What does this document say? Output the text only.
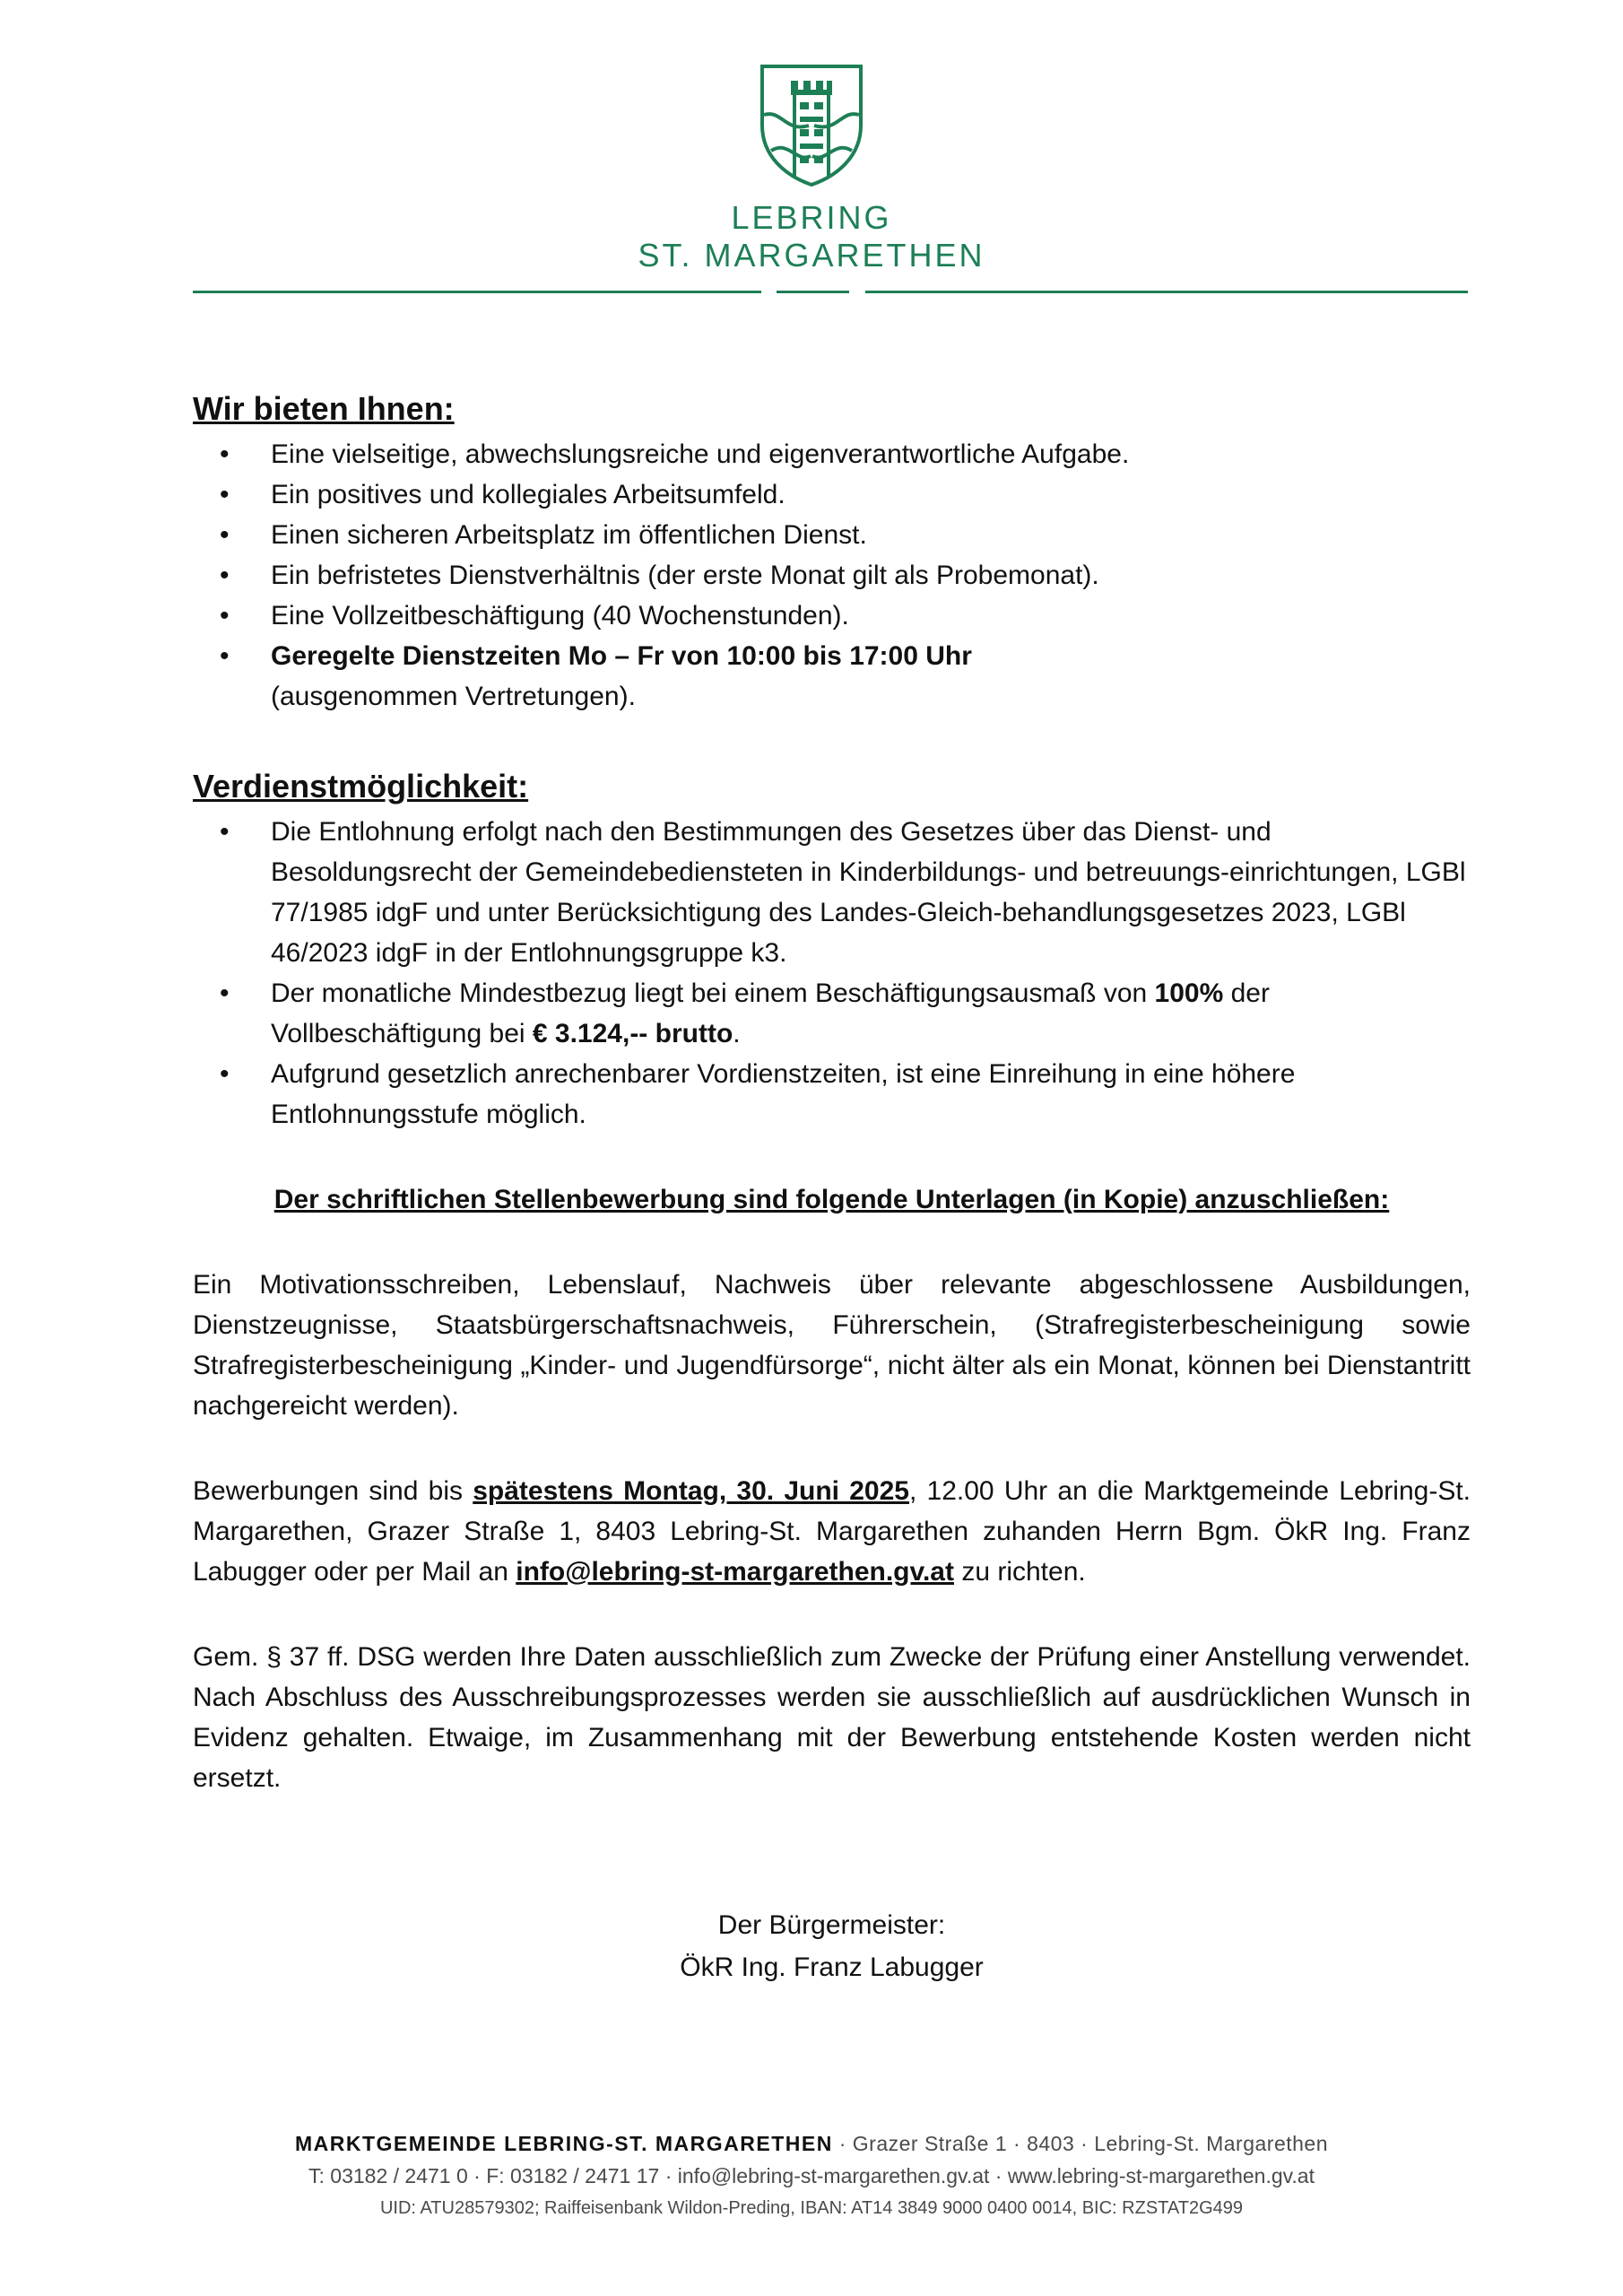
LEBRING
ST. MARGARETHEN
Wir bieten Ihnen:
• Eine vielseitige, abwechslungsreiche und eigenverantwortliche Aufgabe.
• Ein positives und kollegiales Arbeitsumfeld.
• Einen sicheren Arbeitsplatz im öffentlichen Dienst.
• Ein befristetes Dienstverhältnis (der erste Monat gilt als Probemonat).
• Eine Vollzeitbeschäftigung (40 Wochenstunden).
• Geregelte Dienstzeiten Mo – Fr von 10:00 bis 17:00 Uhr
(ausgenommen Vertretungen).
Verdienstmöglichkeit:
• Die Entlohnung erfolgt nach den Bestimmungen des Gesetzes über das Dienst- und Besoldungsrecht der Gemeindebediensteten in Kinderbildungs- und betreuungs-einrichtungen, LGBl 77/1985 idgF und unter Berücksichtigung des Landes-Gleich-behandlungsgesetzes 2023, LGBl 46/2023 idgF in der Entlohnungsgruppe k3.
• Der monatliche Mindestbezug liegt bei einem Beschäftigungsausmaß von 100% der Vollbeschäftigung bei € 3.124,-- brutto.
• Aufgrund gesetzlich anrechenbarer Vordienstzeiten, ist eine Einreihung in eine höhere Entlohnungsstufe möglich.
Der schriftlichen Stellenbewerbung sind folgende Unterlagen (in Kopie) anzuschließen:

Ein Motivationsschreiben, Lebenslauf, Nachweis über relevante abgeschlossene Ausbildungen, Dienstzeugnisse, Staatsbürgerschaftsnachweis, Führerschein, (Strafregisterbescheinigung sowie Strafregisterbescheinigung „Kinder- und Jugendfürsorge“, nicht älter als ein Monat, können bei Dienstantritt nachgereicht werden).

Bewerbungen sind bis spätestens Montag, 30. Juni 2025, 12.00 Uhr an die Marktgemeinde Lebring-St. Margarethen, Grazer Straße 1, 8403 Lebring-St. Margarethen zuhanden Herrn Bgm. ÖkR Ing. Franz Labugger oder per Mail an info@lebring-st-margarethen.gv.at zu richten.

Gem. § 37 ff. DSG werden Ihre Daten ausschließlich zum Zwecke der Prüfung einer Anstellung verwendet. Nach Abschluss des Ausschreibungsprozesses werden sie ausschließlich auf ausdrücklichen Wunsch in Evidenz gehalten. Etwaige, im Zusammenhang mit der Bewerbung entstehende Kosten werden nicht ersetzt.

Der Bürgermeister:
ÖkR Ing. Franz Labugger
MARKTGEMEINDE LEBRING-ST. MARGARETHEN · Grazer Straße 1 · 8403 · Lebring-St. Margarethen
T: 03182 / 2471 0 · F: 03182 / 2471 17 · info@lebring-st-margarethen.gv.at · www.lebring-st-margarethen.gv.at
UID: ATU28579302; Raiffeisenbank Wildon-Preding, IBAN: AT14 3849 9000 0400 0014, BIC: RZSTAT2G499
